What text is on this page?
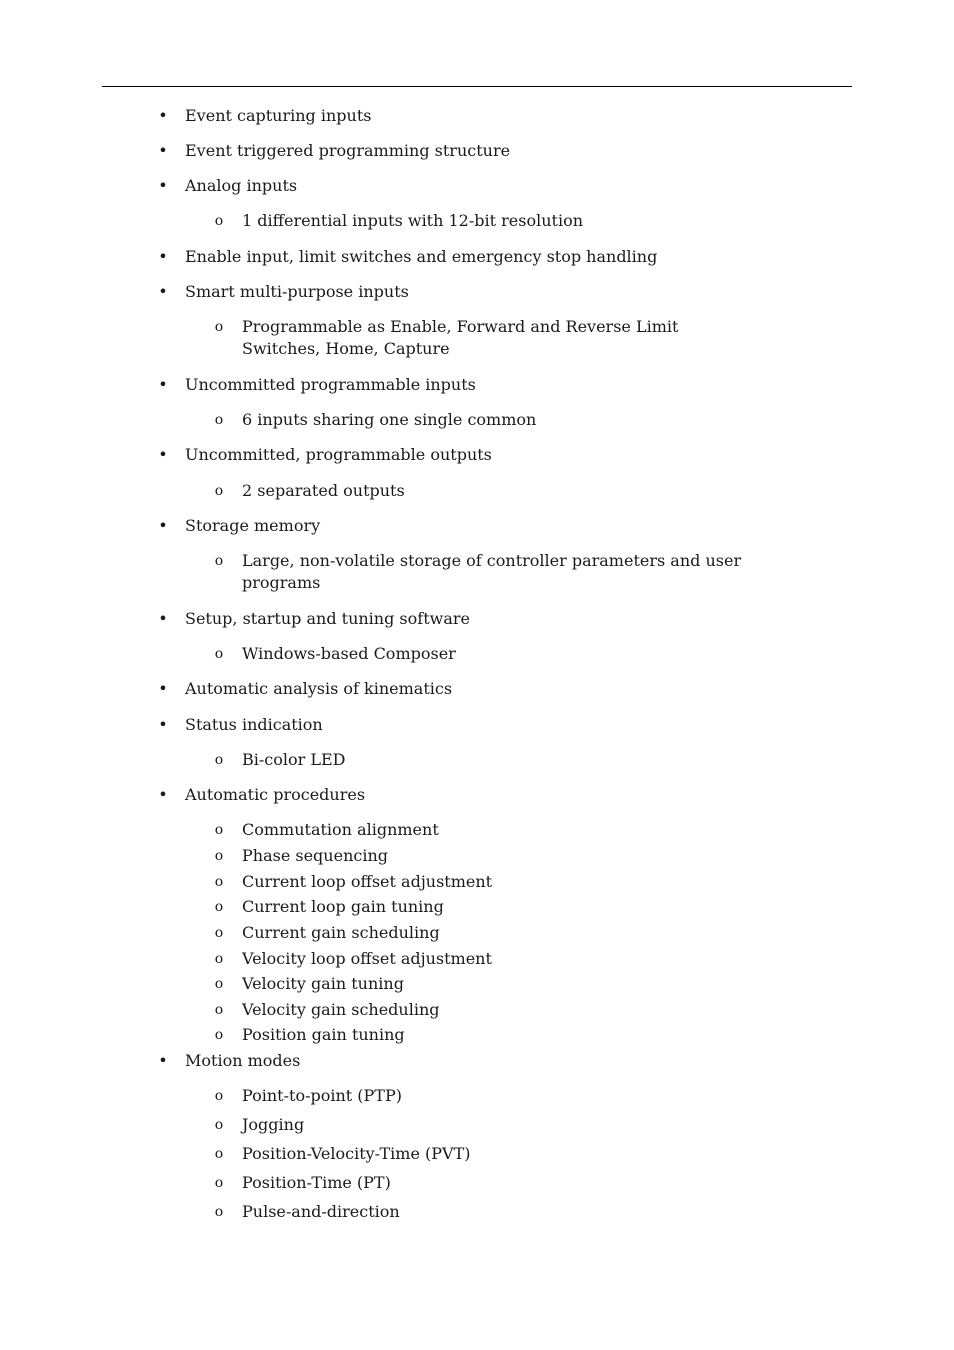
• Event capturing inputs
• Event triggered programming structure
• Analog inputs
o 1 differential inputs with 12-bit resolution
• Enable input, limit switches and emergency stop handling
• Smart multi-purpose inputs
o Programmable as Enable, Forward and Reverse Limit
Switches, Home, Capture
• Uncommitted programmable inputs
o 6 inputs sharing one single common
• Uncommitted, programmable outputs
o 2 separated outputs
• Storage memory
o Large, non-volatile storage of controller parameters and user
programs
• Setup, startup and tuning software
o Windows-based Composer
• Automatic analysis of kinematics
• Status indication
o Bi-color LED
• Automatic procedures
o Commutation alignment
o Phase sequencing
o Current loop offset adjustment
o Current loop gain tuning
o Current gain scheduling
o Velocity loop offset adjustment
o Velocity gain tuning
o Velocity gain scheduling
o Position gain tuning
• Motion modes
o Point-to-point (PTP)
o Jogging
o Position-Velocity-Time (PVT)
o Position-Time (PT)
o Pulse-and-direction
